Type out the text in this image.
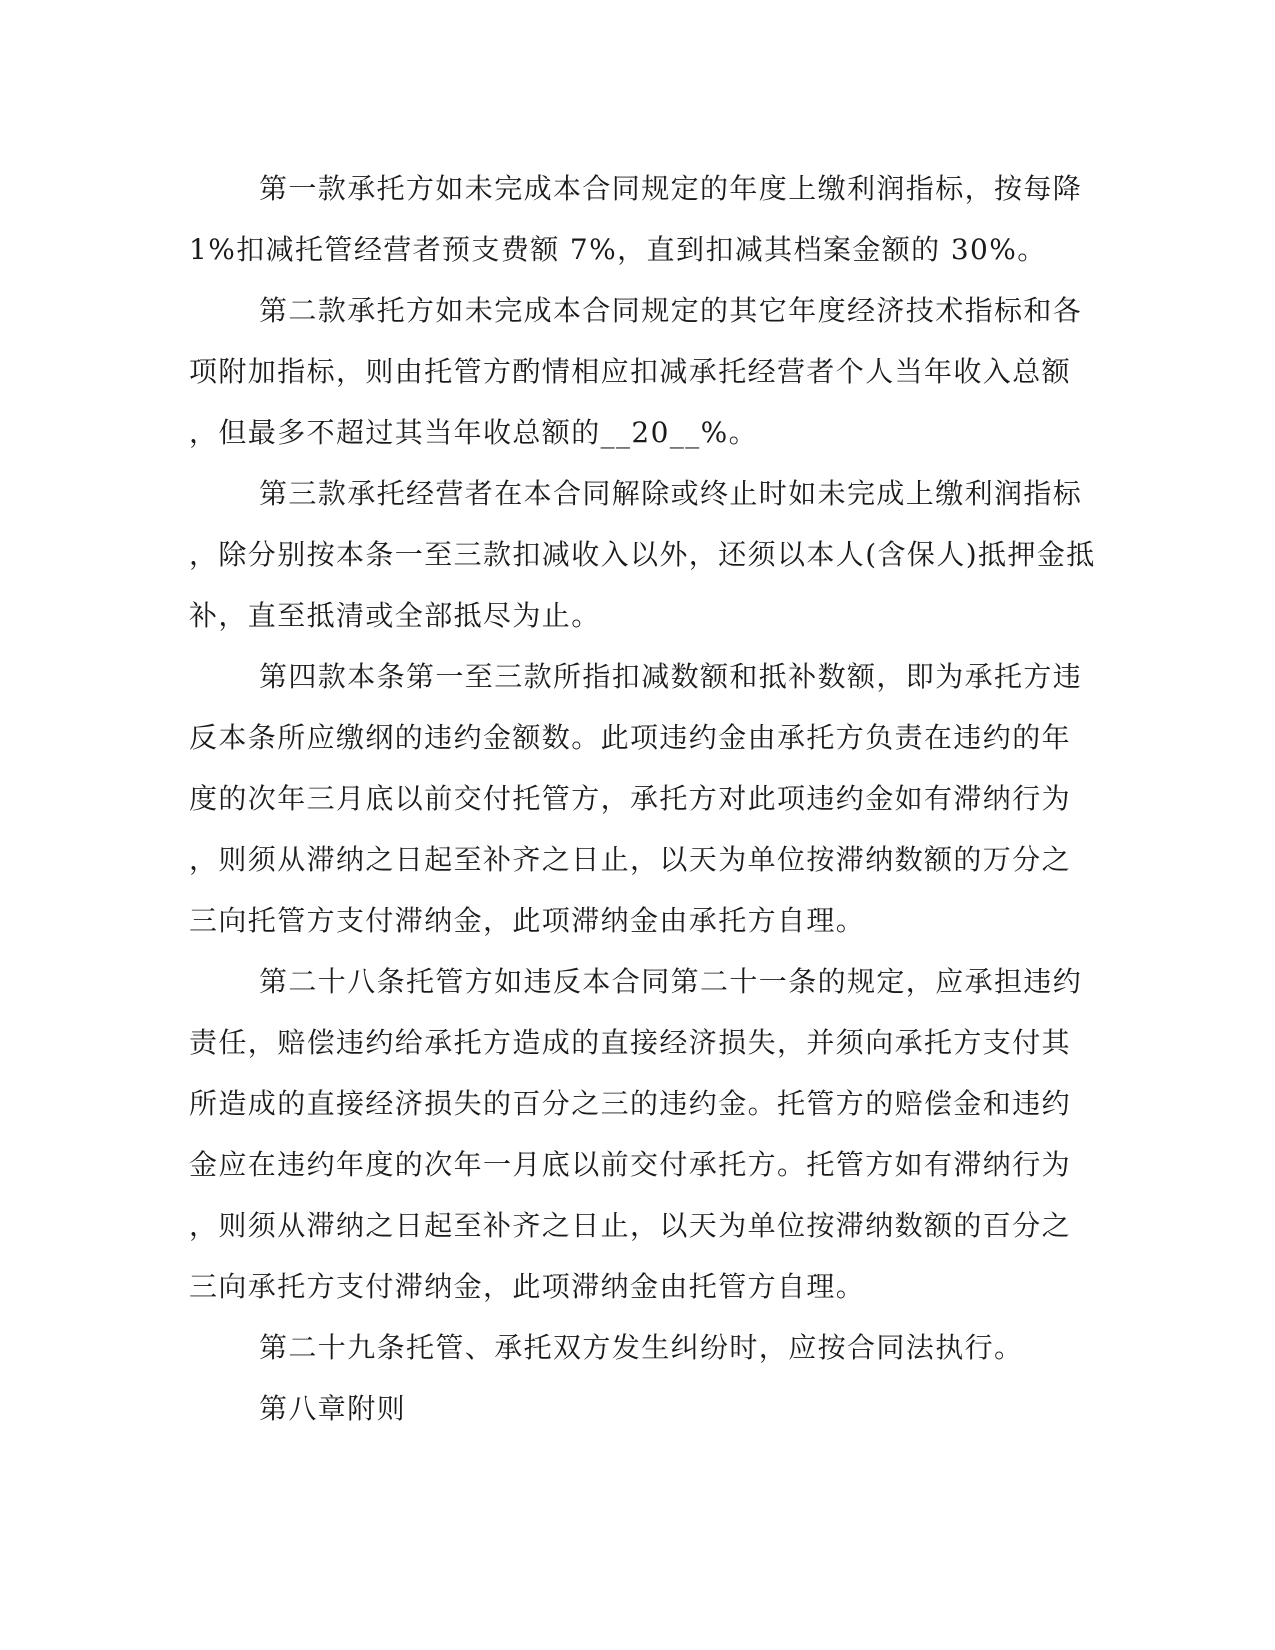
第一款承托方如未完成本合同规定的年度上缴利润指标，按每降
1%扣减托管经营者预支费额 7%，直到扣减其档案金额的 30%。
第二款承托方如未完成本合同规定的其它年度经济技术指标和各
项附加指标，则由托管方酌情相应扣减承托经营者个人当年收入总额
，但最多不超过其当年收总额的__20__%。
第三款承托经营者在本合同解除或终止时如未完成上缴利润指标
，除分别按本条一至三款扣减收入以外，还须以本人(含保人)抵押金抵
补，直至抵清或全部抵尽为止。
第四款本条第一至三款所指扣减数额和抵补数额，即为承托方违
反本条所应缴纲的违约金额数。此项违约金由承托方负责在违约的年
度的次年三月底以前交付托管方，承托方对此项违约金如有滞纳行为
，则须从滞纳之日起至补齐之日止，以天为单位按滞纳数额的万分之
三向托管方支付滞纳金，此项滞纳金由承托方自理。
第二十八条托管方如违反本合同第二十一条的规定，应承担违约
责任，赔偿违约给承托方造成的直接经济损失，并须向承托方支付其
所造成的直接经济损失的百分之三的违约金。托管方的赔偿金和违约
金应在违约年度的次年一月底以前交付承托方。托管方如有滞纳行为
，则须从滞纳之日起至补齐之日止，以天为单位按滞纳数额的百分之
三向承托方支付滞纳金，此项滞纳金由托管方自理。
第二十九条托管、承托双方发生纠纷时，应按合同法执行。
第八章附则
